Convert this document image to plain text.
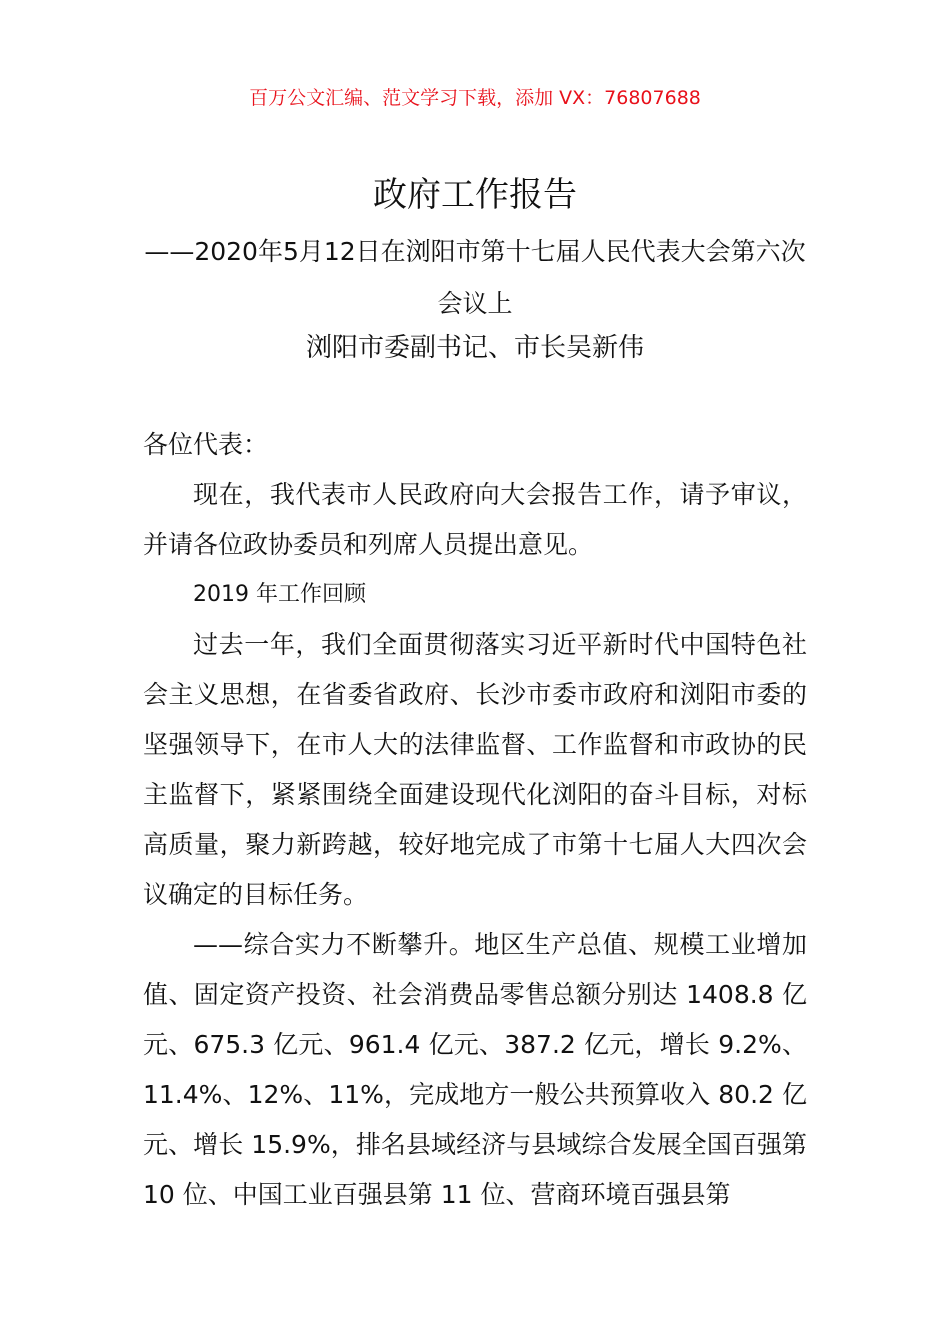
百万公文汇编、范文学习下载，添加 VX：76807688
政府工作报告
——2020年5月12日在浏阳市第十七届人民代表大会第六次会议上
浏阳市委副书记、市长吴新伟

各位代表：

现在，我代表市人民政府向大会报告工作，请予审议，并请各位政协委员和列席人员提出意见。

2019 年工作回顾

过去一年，我们全面贯彻落实习近平新时代中国特色社会主义思想，在省委省政府、长沙市委市政府和浏阳市委的坚强领导下，在市人大的法律监督、工作监督和市政协的民主监督下，紧紧围绕全面建设现代化浏阳的奋斗目标，对标高质量，聚力新跨越，较好地完成了市第十七届人大四次会议确定的目标任务。

——综合实力不断攀升。地区生产总值、规模工业增加值、固定资产投资、社会消费品零售总额分别达 1408.8 亿元、675.3 亿元、961.4 亿元、387.2 亿元，增长 9.2%、11.4%、12%、11%，完成地方一般公共预算收入 80.2 亿元、增长 15.9%，排名县域经济与县域综合发展全国百强第 10 位、中国工业百强县第 11 位、营商环境百强县第
